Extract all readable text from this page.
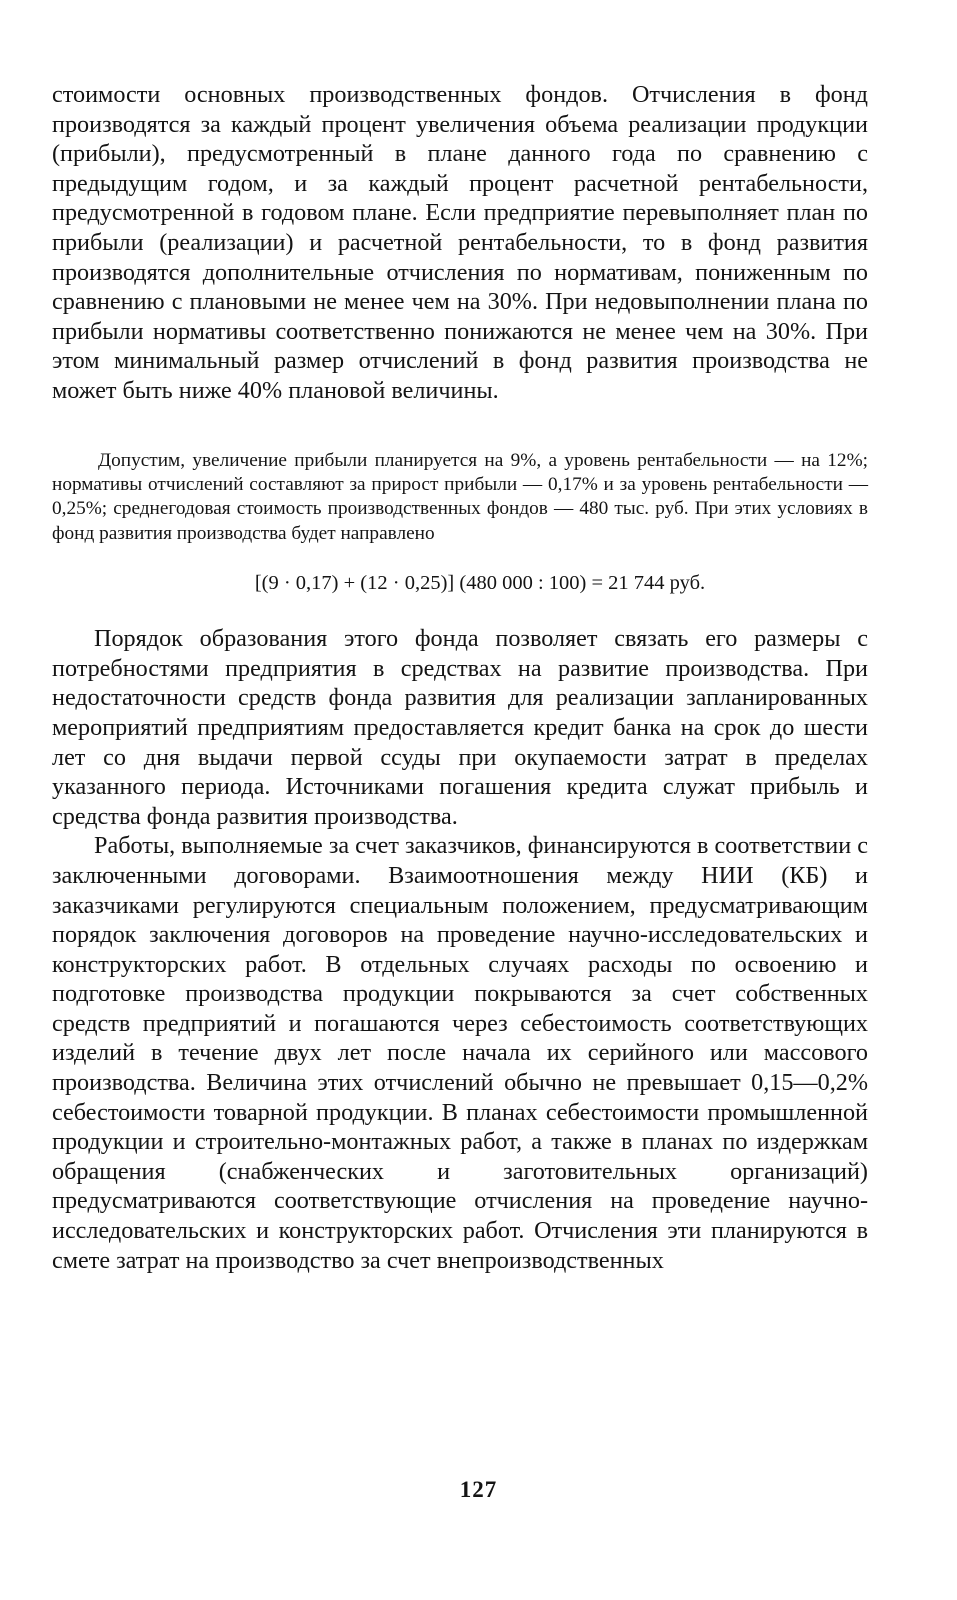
стоимости основных производственных фондов. Отчисления в фонд производятся за каждый процент увеличения объема реализации продукции (прибыли), предусмотренный в плане данного года по сравнению с предыдущим годом, и за каждый процент расчетной рентабельности, предусмотренной в годовом плане. Если предприятие перевыполняет план по прибыли (реализации) и расчетной рентабельности, то в фонд развития производятся дополнительные отчисления по нормативам, пониженным по сравнению с плановыми не менее чем на 30%. При недовыполнении плана по прибыли нормативы соответственно понижаются не менее чем на 30%. При этом минимальный размер отчислений в фонд развития производства не может быть ниже 40% плановой величины.

Допустим, увеличение прибыли планируется на 9%, а уровень рентабельности — на 12%; нормативы отчислений составляют за прирост прибыли — 0,17% и за уровень рентабельности — 0,25%; среднегодовая стоимость производственных фондов — 480 тыс. руб. При этих условиях в фонд развития производства будет направлено

[(9 · 0,17) + (12 · 0,25)] (480 000 : 100) = 21 744 руб.

Порядок образования этого фонда позволяет связать его размеры с потребностями предприятия в средствах на развитие производства. При недостаточности средств фонда развития для реализации запланированных мероприятий предприятиям предоставляется кредит банка на срок до шести лет со дня выдачи первой ссуды при окупаемости затрат в пределах указанного периода. Источниками погашения кредита служат прибыль и средства фонда развития производства.

Работы, выполняемые за счет заказчиков, финансируются в соответствии с заключенными договорами. Взаимоотношения между НИИ (КБ) и заказчиками регулируются специальным положением, предусматривающим порядок заключения договоров на проведение научно-исследовательских и конструкторских работ. В отдельных случаях расходы по освоению и подготовке производства продукции покрываются за счет собственных средств предприятий и погашаются через себестоимость соответствующих изделий в течение двух лет после начала их серийного или массового производства. Величина этих отчислений обычно не превышает 0,15—0,2% себестоимости товарной продукции. В планах себестоимости промышленной продукции и строительно-монтажных работ, а также в планах по издержкам обращения (снабженческих и заготовительных организаций) предусматриваются соответствующие отчисления на проведение научно-исследовательских и конструкторских работ. Отчисления эти планируются в смете затрат на производство за счет внепроизводственных

127
